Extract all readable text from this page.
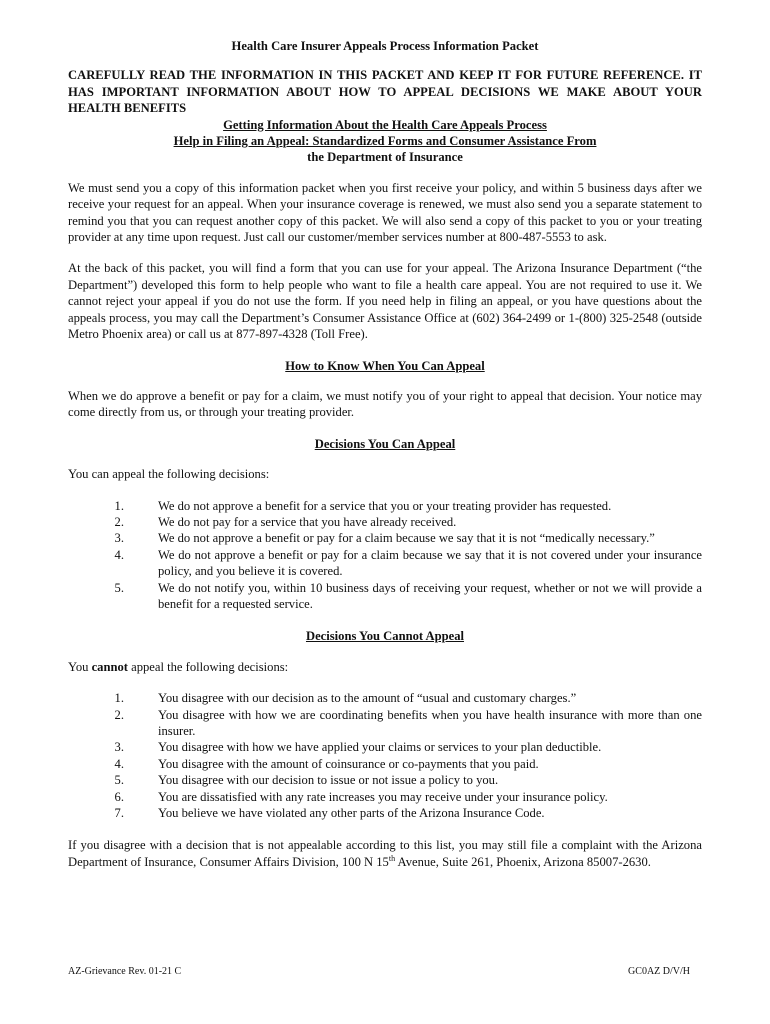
Health Care Insurer Appeals Process Information Packet

CAREFULLY READ THE INFORMATION IN THIS PACKET AND KEEP IT FOR FUTURE REFERENCE. IT HAS IMPORTANT INFORMATION ABOUT HOW TO APPEAL DECISIONS WE MAKE ABOUT YOUR HEALTH BENEFITS

Getting Information About the Health Care Appeals Process

Help in Filing an Appeal: Standardized Forms and Consumer Assistance From

the Department of Insurance

We must send you a copy of this information packet when you first receive your policy, and within 5 business days after we receive your request for an appeal. When your insurance coverage is renewed, we must also send you a separate statement to remind you that you can request another copy of this packet. We will also send a copy of this packet to you or your treating provider at any time upon request. Just call our customer/member services number at 800-487-5553 to ask.

At the back of this packet, you will find a form that you can use for your appeal. The Arizona Insurance Department (“the Department”) developed this form to help people who want to file a health care appeal. You are not required to use it. We cannot reject your appeal if you do not use the form. If you need help in filing an appeal, or you have questions about the appeals process, you may call the Department’s Consumer Assistance Office at (602) 364-2499 or 1-(800) 325-2548 (outside Metro Phoenix area) or call us at 877-897-4328 (Toll Free).

How to Know When You Can Appeal

When we do approve a benefit or pay for a claim, we must notify you of your right to appeal that decision. Your notice may come directly from us, or through your treating provider.

Decisions You Can Appeal

You can appeal the following decisions:

1.	We do not approve a benefit for a service that you or your treating provider has requested.
2.	We do not pay for a service that you have already received.
3.	We do not approve a benefit or pay for a claim because we say that it is not “medically necessary.”
4.	We do not approve a benefit or pay for a claim because we say that it is not covered under your insurance policy, and you believe it is covered.
5.	We do not notify you, within 10 business days of receiving your request, whether or not we will provide a benefit for a requested service.

Decisions You Cannot Appeal

You cannot appeal the following decisions:

1.	You disagree with our decision as to the amount of “usual and customary charges.”
2.	You disagree with how we are coordinating benefits when you have health insurance with more than one insurer.
3.	You disagree with how we have applied your claims or services to your plan deductible.
4.	You disagree with the amount of coinsurance or co-payments that you paid.
5.	You disagree with our decision to issue or not issue a policy to you.
6.	You are dissatisfied with any rate increases you may receive under your insurance policy.
7.	You believe we have violated any other parts of the Arizona Insurance Code.

If you disagree with a decision that is not appealable according to this list, you may still file a complaint with the Arizona Department of Insurance, Consumer Affairs Division, 100 N 15th Avenue, Suite 261, Phoenix, Arizona 85007-2630.

AZ-Grievance Rev. 01-21 C	GC0AZ D/V/H
